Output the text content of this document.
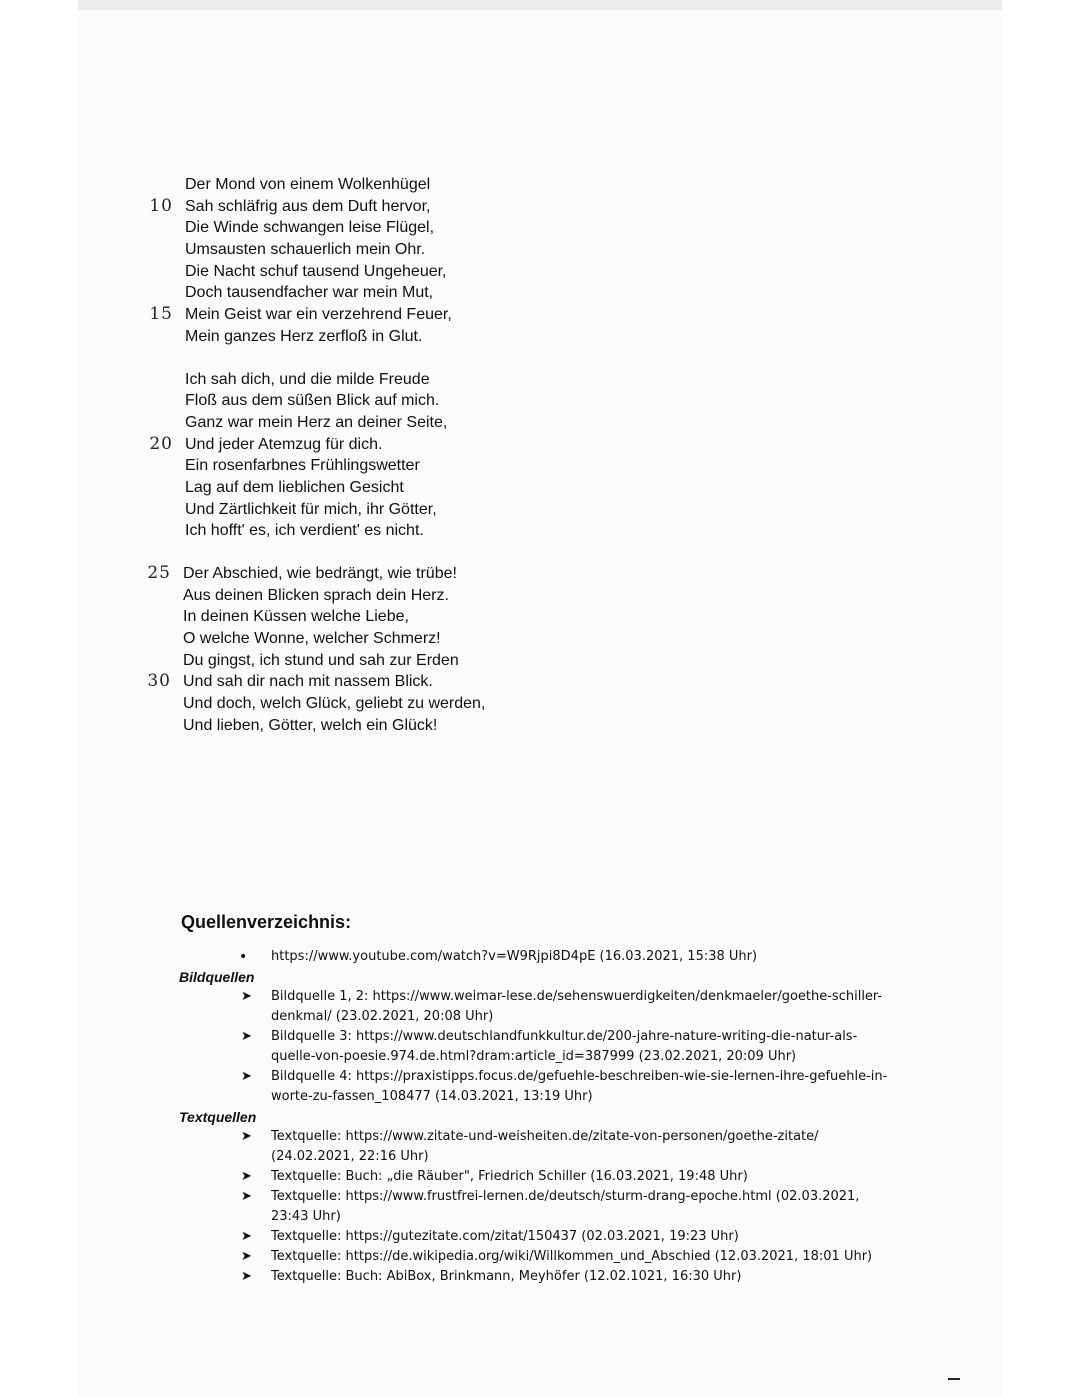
Der Mond von einem Wolkenhügel
10 Sah schläfrig aus dem Duft hervor,
Die Winde schwangen leise Flügel,
Umsausten schauerlich mein Ohr.
Die Nacht schuf tausend Ungeheuer,
Doch tausendfacher war mein Mut,
15 Mein Geist war ein verzehrend Feuer,
Mein ganzes Herz zerfloß in Glut.
Ich sah dich, und die milde Freude
Floß aus dem süßen Blick auf mich.
Ganz war mein Herz an deiner Seite,
20 Und jeder Atemzug für dich.
Ein rosenfarbnes Frühlingswetter
Lag auf dem lieblichen Gesicht
Und Zärtlichkeit für mich, ihr Götter,
Ich hofft' es, ich verdient' es nicht.
25 Der Abschied, wie bedrängt, wie trübe!
Aus deinen Blicken sprach dein Herz.
In deinen Küssen welche Liebe,
O welche Wonne, welcher Schmerz!
Du gingst, ich stund und sah zur Erden
30 Und sah dir nach mit nassem Blick.
Und doch, welch Glück, geliebt zu werden,
Und lieben, Götter, welch ein Glück!
Quellenverzeichnis:

• https://www.youtube.com/watch?v=W9Rjpi8D4pE (16.03.2021, 15:38 Uhr)

Bildquellen

➤ Bildquelle 1, 2: https://www.weimar-lese.de/sehenswuerdigkeiten/denkmaeler/goethe-schiller-denkmal/ (23.02.2021, 20:08 Uhr)

➤ Bildquelle 3: https://www.deutschlandfunkkultur.de/200-jahre-nature-writing-die-natur-als-quelle-von-poesie.974.de.html?dram:article_id=387999 (23.02.2021, 20:09 Uhr)

➤ Bildquelle 4: https://praxistipps.focus.de/gefuehle-beschreiben-wie-sie-lernen-ihre-gefuehle-in-worte-zu-fassen_108477 (14.03.2021, 13:19 Uhr)

Textquellen

➤ Textquelle: https://www.zitate-und-weisheiten.de/zitate-von-personen/goethe-zitate/ (24.02.2021, 22:16 Uhr)

➤ Textquelle: Buch: „die Räuber", Friedrich Schiller (16.03.2021, 19:48 Uhr)

➤ Textquelle: https://www.frustfrei-lernen.de/deutsch/sturm-drang-epoche.html (02.03.2021, 23:43 Uhr)

➤ Textquelle: https://gutezitate.com/zitat/150437 (02.03.2021, 19:23 Uhr)

➤ Textquelle: https://de.wikipedia.org/wiki/Willkommen_und_Abschied (12.03.2021, 18:01 Uhr)

➤ Textquelle: Buch: AbiBox, Brinkmann, Meyhöfer (12.02.1021, 16:30 Uhr)
